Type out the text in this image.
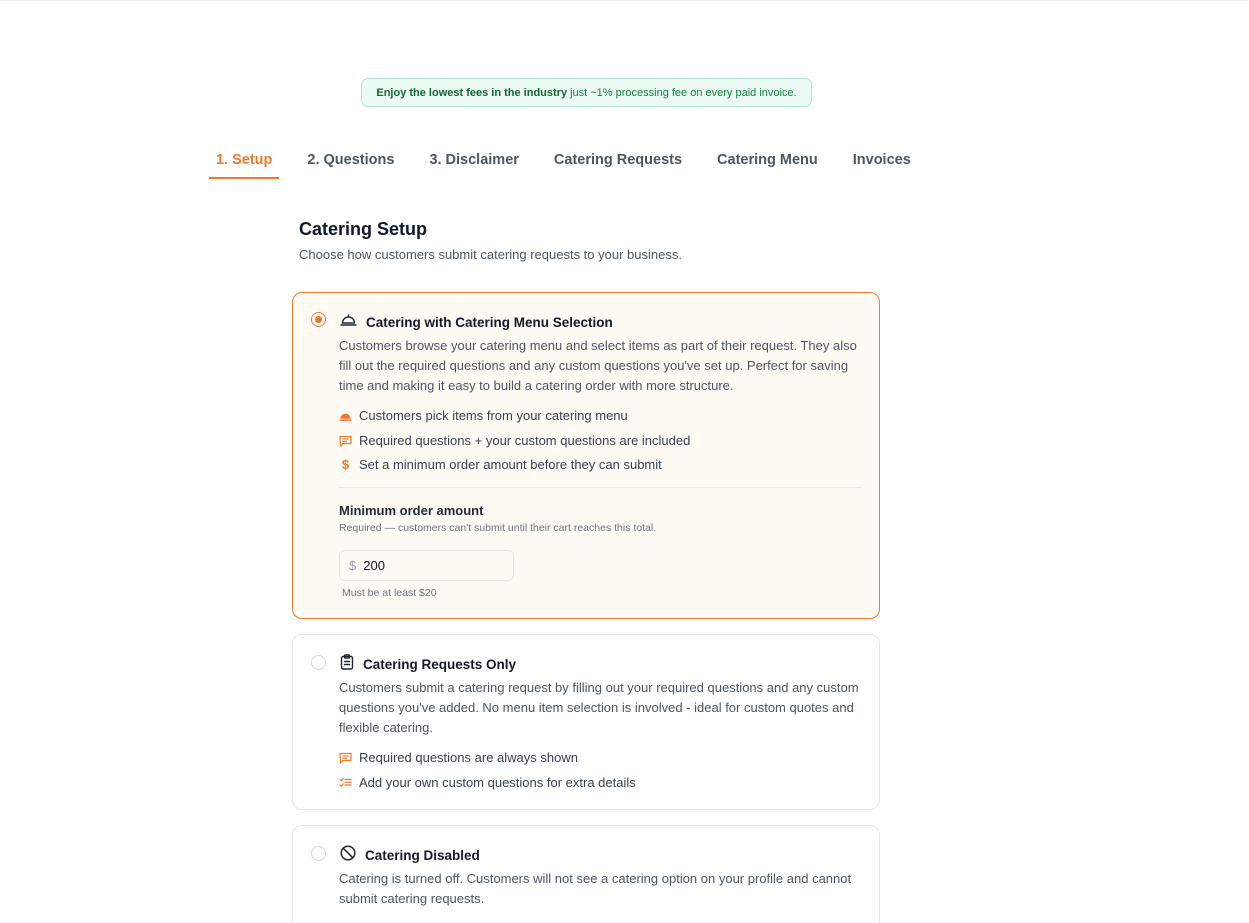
Enjoy the lowest fees in the industry just ~1% processing fee on every paid invoice.
1. Setup	2. Questions	3. Disclaimer	Catering Requests	Catering Menu	Invoices
Catering Setup
Choose how customers submit catering requests to your business.
Catering with Catering Menu Selection
Customers browse your catering menu and select items as part of their request. They also fill out the required questions and any custom questions you've set up. Perfect for saving time and making it easy to build a catering order with more structure.
Customers pick items from your catering menu
Required questions + your custom questions are included
$ Set a minimum order amount before they can submit
Minimum order amount
Required — customers can't submit until their cart reaches this total.
$ 200
Must be at least $20
Catering Requests Only
Customers submit a catering request by filling out your required questions and any custom questions you've added. No menu item selection is involved - ideal for custom quotes and flexible catering.
Required questions are always shown
Add your own custom questions for extra details
Catering Disabled
Catering is turned off. Customers will not see a catering option on your profile and cannot submit catering requests.
